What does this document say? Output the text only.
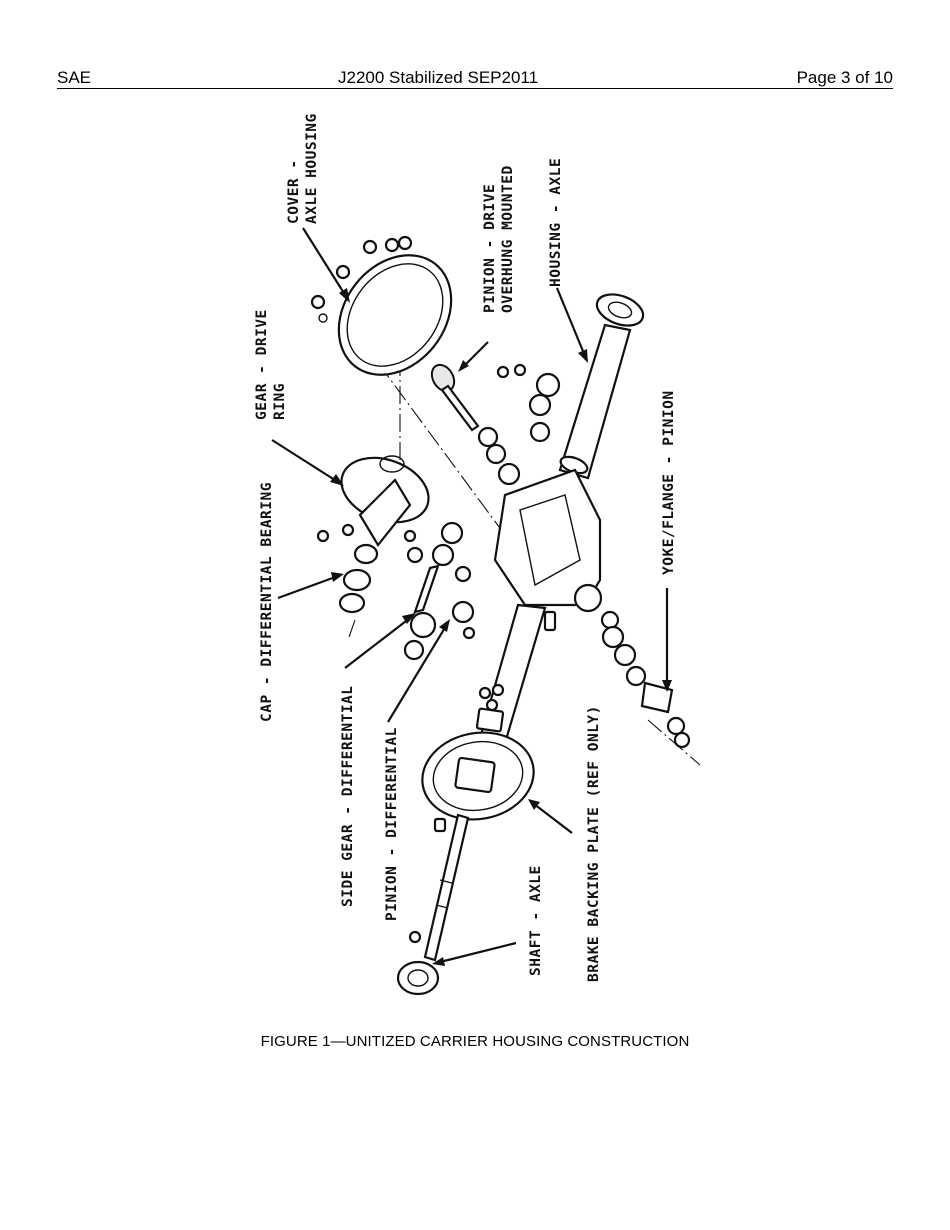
SAE	J2200 Stabilized SEP2011	Page 3 of 10
COVER - AXLE HOUSING
PINION - DRIVE OVERHUNG MOUNTED HOUSING - AXLE
GEAR - DRIVE RING	YOKE/FLANGE - PINION
CAP - DIFFERENTIAL BEARING
SIDE GEAR - DIFFERENTIAL PINION - DIFFERENTIAL	SHAFT - AXLE	BRAKE BACKING PLATE (REF ONLY)
FIGURE 1—UNITIZED CARRIER HOUSING CONSTRUCTION
